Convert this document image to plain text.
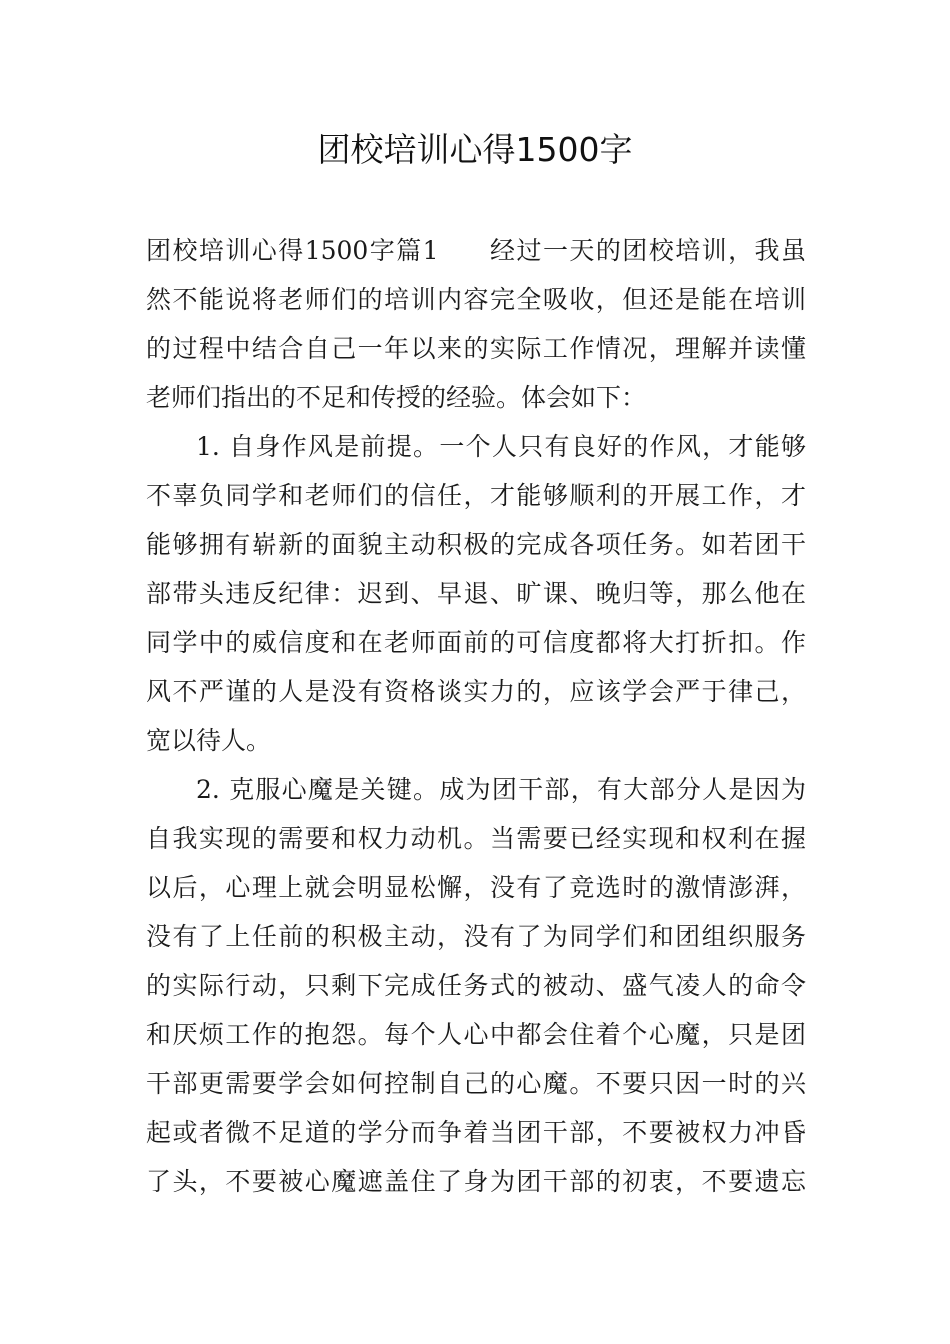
团校培训心得1500字
团校培训心得1500字篇1 经过一天的团校培训，我虽
然不能说将老师们的培训内容完全吸收，但还是能在培训
的过程中结合自己一年以来的实际工作情况，理解并读懂
老师们指出的不足和传授的经验。体会如下：
1. 自身作风是前提。一个人只有良好的作风，才能够
不辜负同学和老师们的信任，才能够顺利的开展工作，才
能够拥有崭新的面貌主动积极的完成各项任务。如若团干
部带头违反纪律：迟到、早退、旷课、晚归等，那么他在
同学中的威信度和在老师面前的可信度都将大打折扣。作
风不严谨的人是没有资格谈实力的，应该学会严于律己，
宽以待人。
2. 克服心魔是关键。成为团干部，有大部分人是因为
自我实现的需要和权力动机。当需要已经实现和权利在握
以后，心理上就会明显松懈，没有了竞选时的激情澎湃，
没有了上任前的积极主动，没有了为同学们和团组织服务
的实际行动，只剩下完成任务式的被动、盛气凌人的命令
和厌烦工作的抱怨。每个人心中都会住着个心魔，只是团
干部更需要学会如何控制自己的心魔。不要只因一时的兴
起或者微不足道的学分而争着当团干部，不要被权力冲昏
了头，不要被心魔遮盖住了身为团干部的初衷，不要遗忘
